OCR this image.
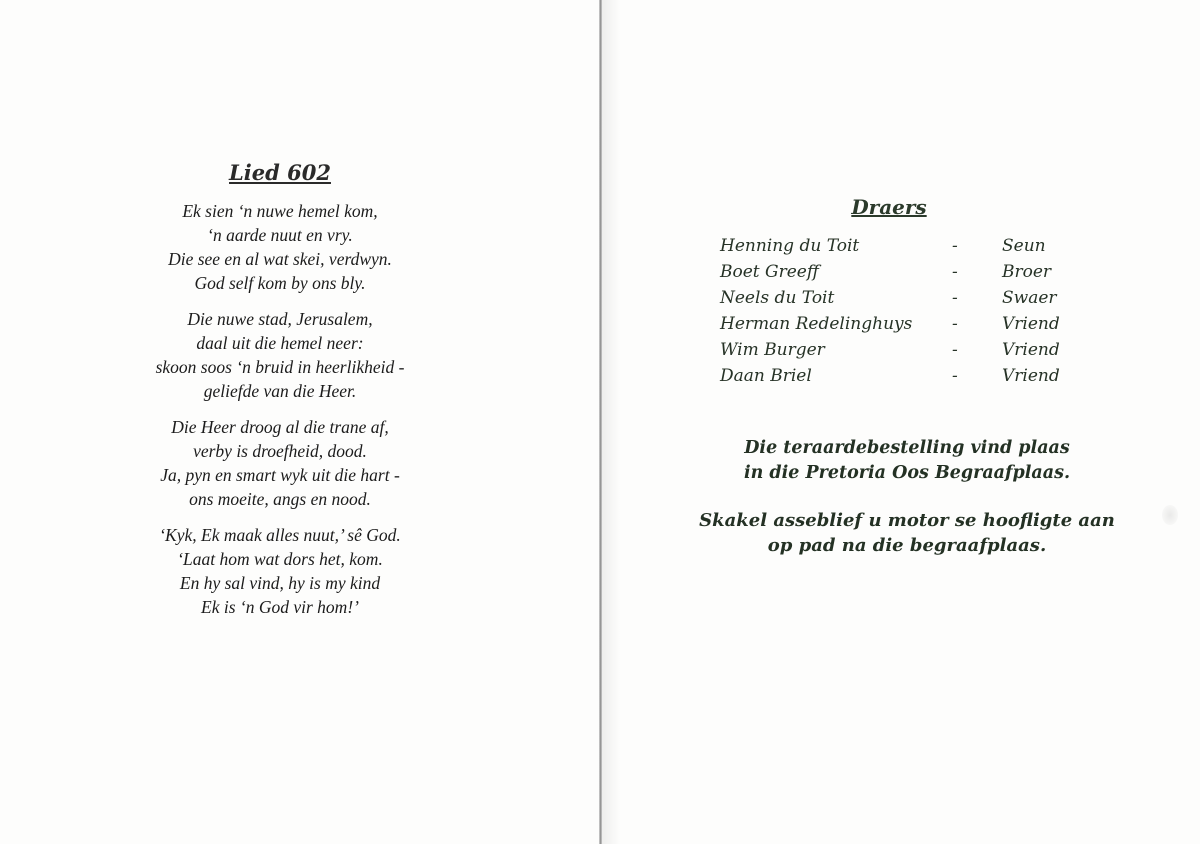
Lied 602
Ek sien ‘n nuwe hemel kom,
‘n aarde nuut en vry.
Die see en al wat skei, verdwyn.
God self kom by ons bly.
Die nuwe stad, Jerusalem,
daal uit die hemel neer:
skoon soos ‘n bruid in heerlikheid -
geliefde van die Heer.
Die Heer droog al die trane af,
verby is droefheid, dood.
Ja, pyn en smart wyk uit die hart -
ons moeite, angs en nood.
‘Kyk, Ek maak alles nuut,’ sê God.
‘Laat hom wat dors het, kom.
En hy sal vind, hy is my kind
Ek is ‘n God vir hom!’
Draers
Henning du Toit	-	Seun
Boet Greeff	-	Broer
Neels du Toit	-	Swaer
Herman Redelinghuys -	Vriend
Wim Burger	-	Vriend
Daan Briel	-	Vriend
Die teraardebestelling vind plaas
in die Pretoria Oos Begraafplaas.
Skakel asseblief u motor se hoofligte aan
op pad na die begraafplaas.
